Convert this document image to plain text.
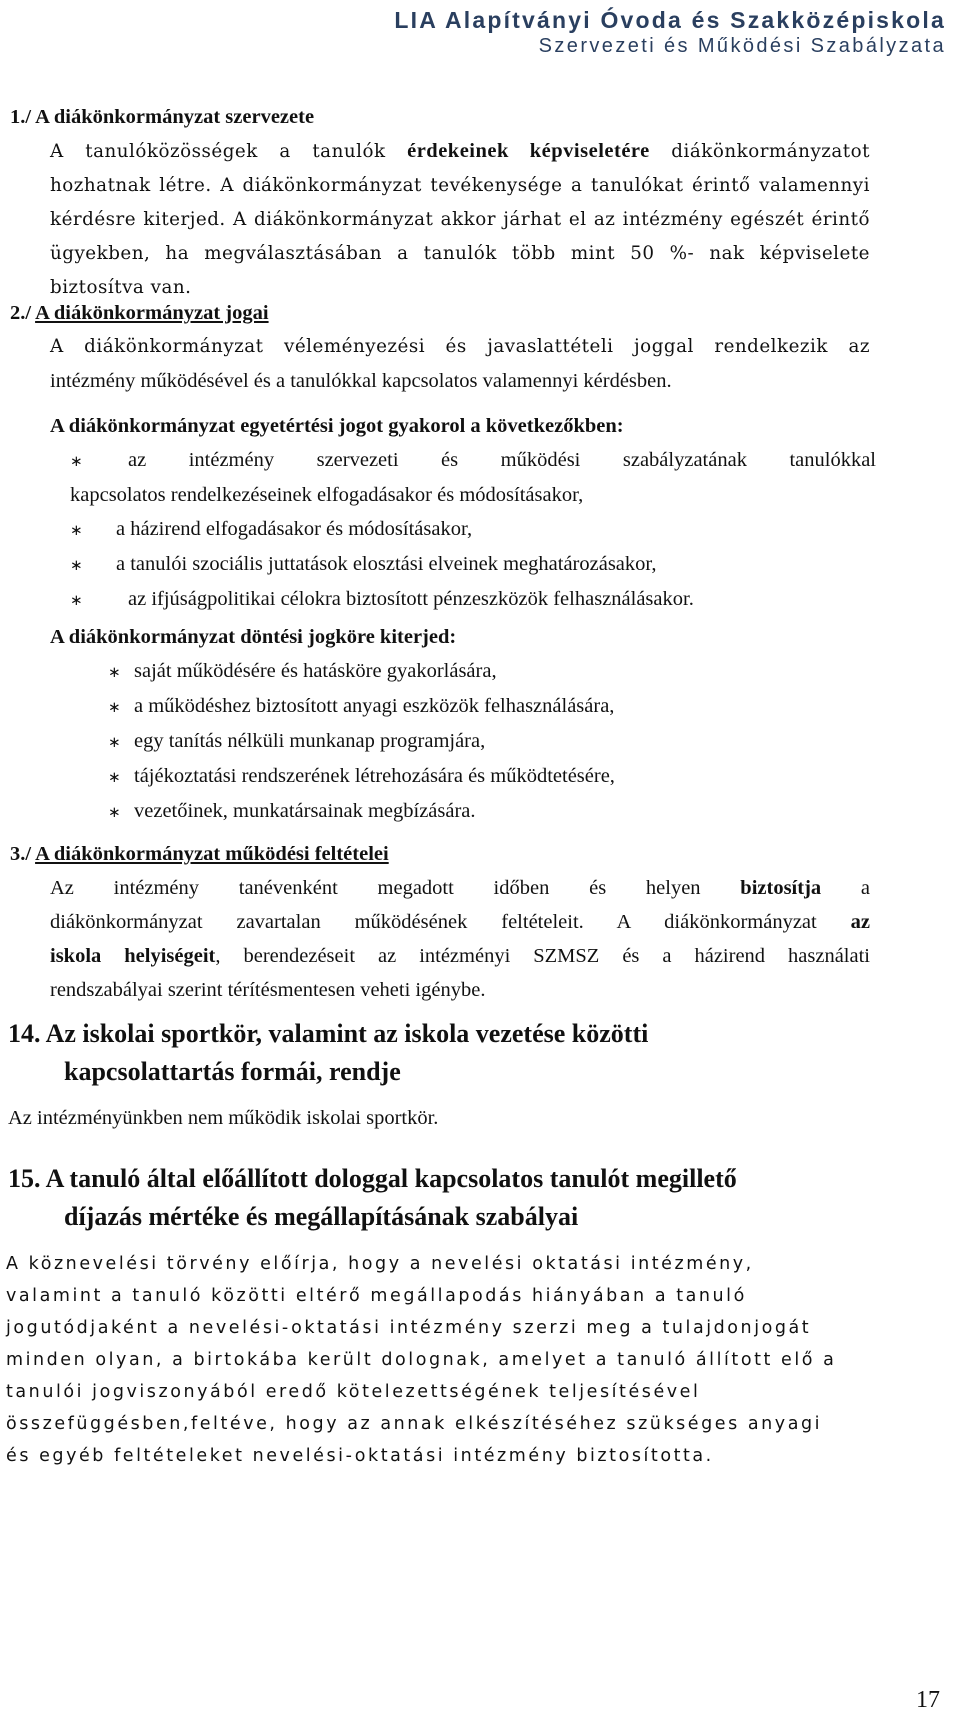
LIA Alapítványi Óvoda és Szakközépiskola
Szervezeti és Működési Szabályzata
1./ A diákönkormányzat szervezete
A tanulóközösségek a tanulók érdekeinek képviseletére diákönkormányzatot
hozhatnak létre. A diákönkormányzat tevékenysége a tanulókat érintő valamennyi
kérdésre kiterjed. A diákönkormányzat akkor járhat el az intézmény egészét érintő
ügyekben, ha megválasztásában a tanulók több mint 50 %- nak képviselete
biztosítva van.
2./ A diákönkormányzat jogai
A diákönkormányzat véleményezési és javaslattételi joggal rendelkezik az
intézmény működésével és a tanulókkal kapcsolatos valamennyi kérdésben.
A diákönkormányzat egyetértési jogot gyakorol a következőkben:
∗ az intézmény szervezeti és működési szabályzatának tanulókkal
kapcsolatos rendelkezéseinek elfogadásakor és módosításakor,
∗ a házirend elfogadásakor és módosításakor,
∗ a tanulói szociális juttatások elosztási elveinek meghatározásakor,
∗ az ifjúságpolitikai célokra biztosított pénzeszközök felhasználásakor.
A diákönkormányzat döntési jogköre kiterjed:
∗ saját működésére és hatásköre gyakorlására,
∗ a működéshez biztosított anyagi eszközök felhasználására,
∗ egy tanítás nélküli munkanap programjára,
∗ tájékoztatási rendszerének létrehozására és működtetésére,
∗ vezetőinek, munkatársainak megbízására.
3./ A diákönkormányzat működési feltételei
Az intézmény tanévenként megadott időben és helyen biztosítja a
diákönkormányzat zavartalan működésének feltételeit. A diákönkormányzat az
iskola helyiségeit, berendezéseit az intézményi SZMSZ és a házirend használati
rendszabályai szerint térítésmentesen veheti igénybe.
14. Az iskolai sportkör, valamint az iskola vezetése közötti
kapcsolattartás formái, rendje
Az intézményünkben nem működik iskolai sportkör.
15. A tanuló által előállított dologgal kapcsolatos tanulót megillető
díjazás mértéke és megállapításának szabályai
A köznevelési törvény előírja, hogy a nevelési oktatási intézmény,
valamint a tanuló közötti eltérő megállapodás hiányában a tanuló
jogutódjaként a nevelési-oktatási intézmény szerzi meg a tulajdonjogát
minden olyan, a birtokába került dolognak, amelyet a tanuló állított elő a
tanulói jogviszonyából eredő kötelezettségének teljesítésével
összefüggésben,feltéve, hogy az annak elkészítéséhez szükséges anyagi
és egyéb feltételeket nevelési-oktatási intézmény biztosította.
17
